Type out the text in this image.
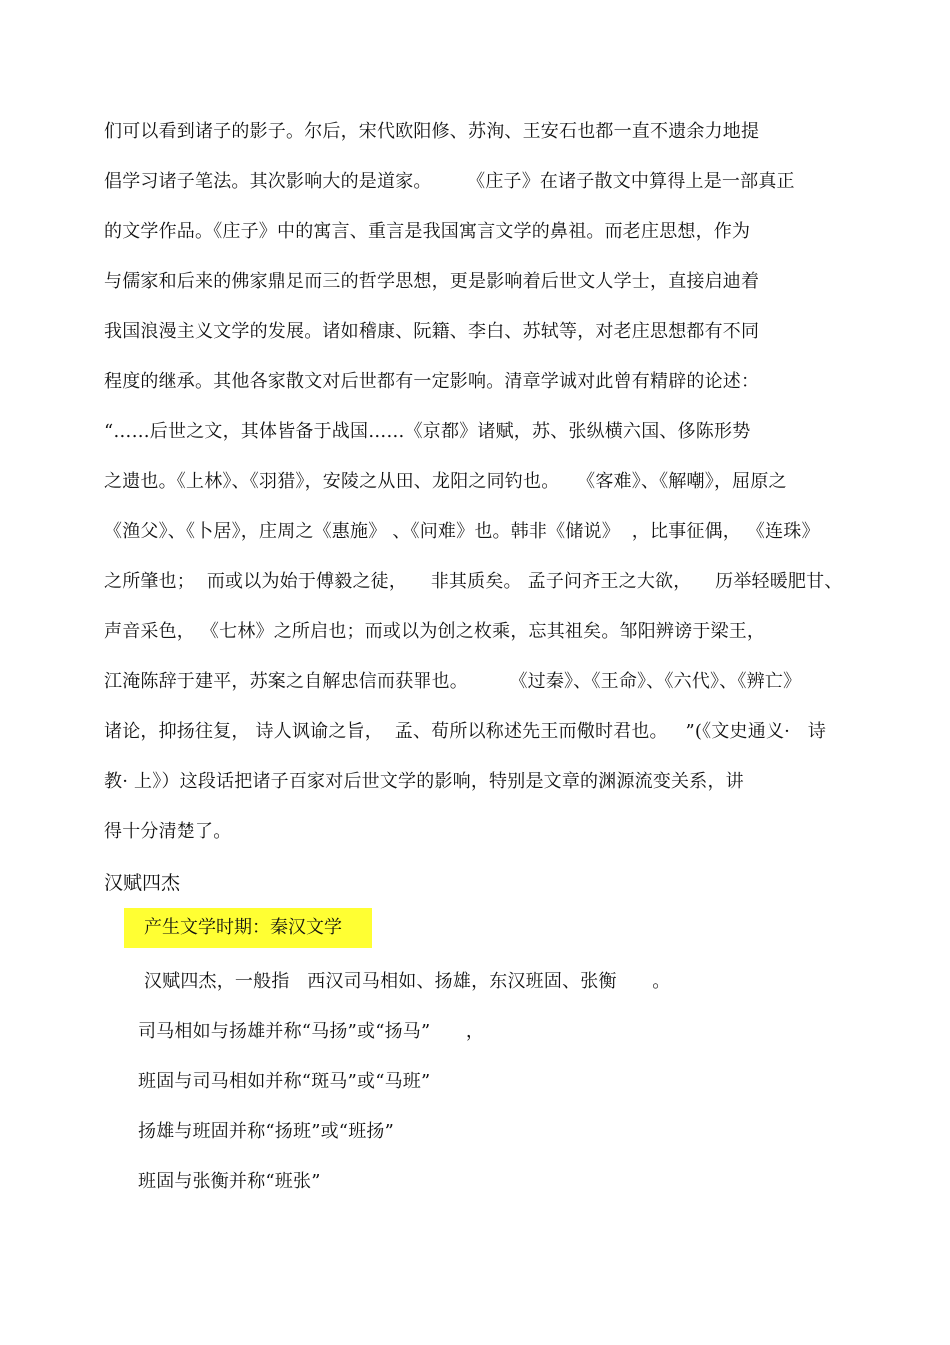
们可以看到诸子的影子。尔后，宋代欧阳修、苏洵、王安石也都一直不遗余力地提
倡学习诸子笔法。其次影响大的是道家。      《庄子》在诸子散文中算得上是一部真正
的文学作品。《庄子》中的寓言、重言是我国寓言文学的鼻祖。而老庄思想，作为
与儒家和后来的佛家鼎足而三的哲学思想，更是影响着后世文人学士，直接启迪着
我国浪漫主义文学的发展。诸如稽康、阮籍、李白、苏轼等，对老庄思想都有不同
程度的继承。其他各家散文对后世都有一定影响。清章学诚对此曾有精辟的论述：
“……后世之文，其体皆备于战国……《京都》诸赋，苏、张纵横六国、侈陈形势
之遗也。《上林》、《羽猎》，安陵之从田、龙阳之同钓也。   《客难》、《解嘲》，屈原之
《渔父》、《卜居》，庄周之《惠施》 、《问难》也。韩非《储说》  ，比事征偶， 《连珠》
之所肇也；  而或以为始于傅毅之徒，    非其质矣。 孟子问齐王之大欲，    历举轻暖肥甘、
声音采色， 《七林》之所启也；而或以为创之枚乘，忘其祖矣。邹阳辨谤于梁王，
江淹陈辞于建平，苏案之自解忠信而获罪也。       《过秦》、《王命》、《六代》、《辨亡》
诸论，抑扬往复， 诗人讽谕之旨，  孟、荀所以称述先王而儆时君也。   ”(《文史通义·   诗
教· 上》）这段话把诸子百家对后世文学的影响，特别是文章的渊源流变关系，讲
得十分清楚了。
汉赋四杰
产生文学时期：秦汉文学
汉赋四杰，一般指   西汉司马相如、扬雄，东汉班固、张衡      。
司马相如与扬雄并称“马扬”或“扬马”      ，
班固与司马相如并称“斑马”或“马班”
扬雄与班固并称“扬班”或“班扬”
班固与张衡并称“班张”
